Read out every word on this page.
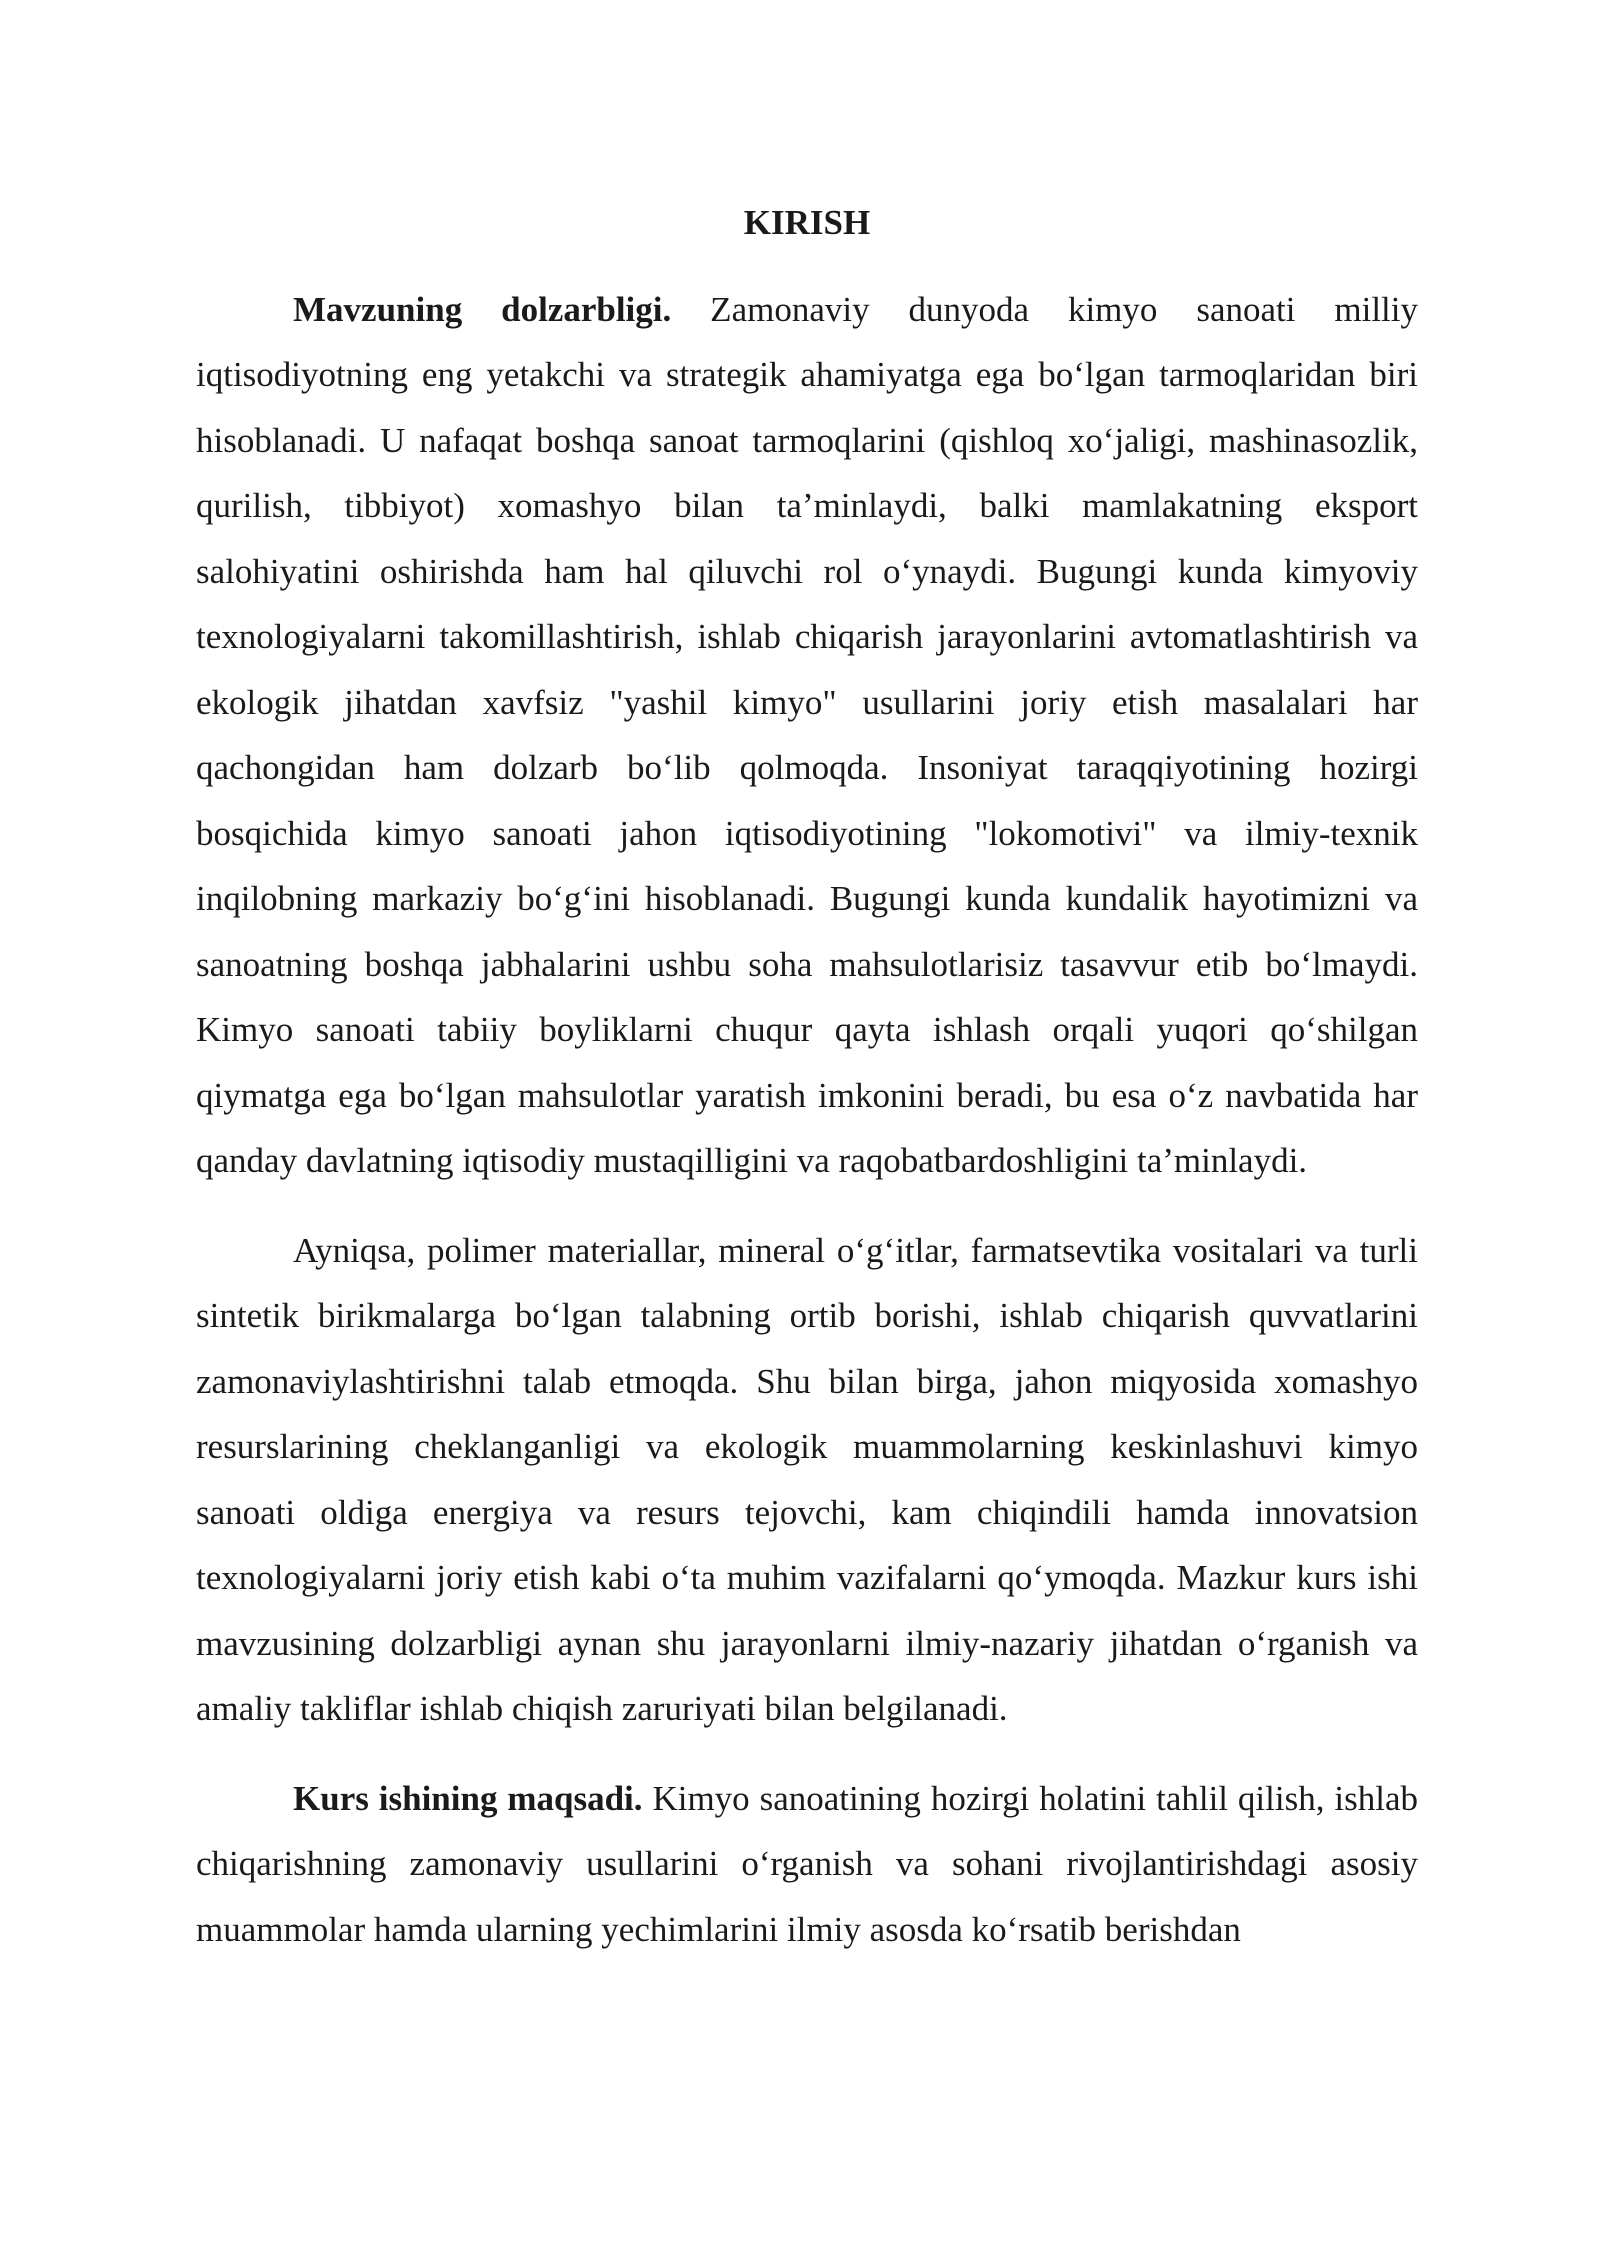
KIRISH

Mavzuning dolzarbligi. Zamonaviy dunyoda kimyo sanoati milliy iqtisodiyotning eng yetakchi va strategik ahamiyatga ega bo‘lgan tarmoqlaridan biri hisoblanadi. U nafaqat boshqa sanoat tarmoqlarini (qishloq xo‘jaligi, mashinasozlik, qurilish, tibbiyot) xomashyo bilan ta’minlaydi, balki mamlakatning eksport salohiyatini oshirishda ham hal qiluvchi rol o‘ynaydi. Bugungi kunda kimyoviy texnologiyalarni takomillashtirish, ishlab chiqarish jarayonlarini avtomatlashtirish va ekologik jihatdan xavfsiz "yashil kimyo" usullarini joriy etish masalalari har qachongidan ham dolzarb bo‘lib qolmoqda. Insoniyat taraqqiyotining hozirgi bosqichida kimyo sanoati jahon iqtisodiyotining "lokomotivi" va ilmiy-texnik inqilobning markaziy bo‘g‘ini hisoblanadi. Bugungi kunda kundalik hayotimizni va sanoatning boshqa jabhalarini ushbu soha mahsulotlarisiz tasavvur etib bo‘lmaydi. Kimyo sanoati tabiiy boyliklarni chuqur qayta ishlash orqali yuqori qo‘shilgan qiymatga ega bo‘lgan mahsulotlar yaratish imkonini beradi, bu esa o‘z navbatida har qanday davlatning iqtisodiy mustaqilligini va raqobatbardoshligini ta’minlaydi.

Ayniqsa, polimer materiallar, mineral o‘g‘itlar, farmatsevtika vositalari va turli sintetik birikmalarga bo‘lgan talabning ortib borishi, ishlab chiqarish quvvatlarini zamonaviylashtirishni talab etmoqda. Shu bilan birga, jahon miqyosida xomashyo resurslarining cheklanganligi va ekologik muammolarning keskinlashuvi kimyo sanoati oldiga energiya va resurs tejovchi, kam chiqindili hamda innovatsion texnologiyalarni joriy etish kabi o‘ta muhim vazifalarni qo‘ymoqda. Mazkur kurs ishi mavzusining dolzarbligi aynan shu jarayonlarni ilmiy-nazariy jihatdan o‘rganish va amaliy takliflar ishlab chiqish zaruriyati bilan belgilanadi.

Kurs ishining maqsadi. Kimyo sanoatining hozirgi holatini tahlil qilish, ishlab chiqarishning zamonaviy usullarini o‘rganish va sohani rivojlantirishdagi asosiy muammolar hamda ularning yechimlarini ilmiy asosda ko‘rsatib berishdan
